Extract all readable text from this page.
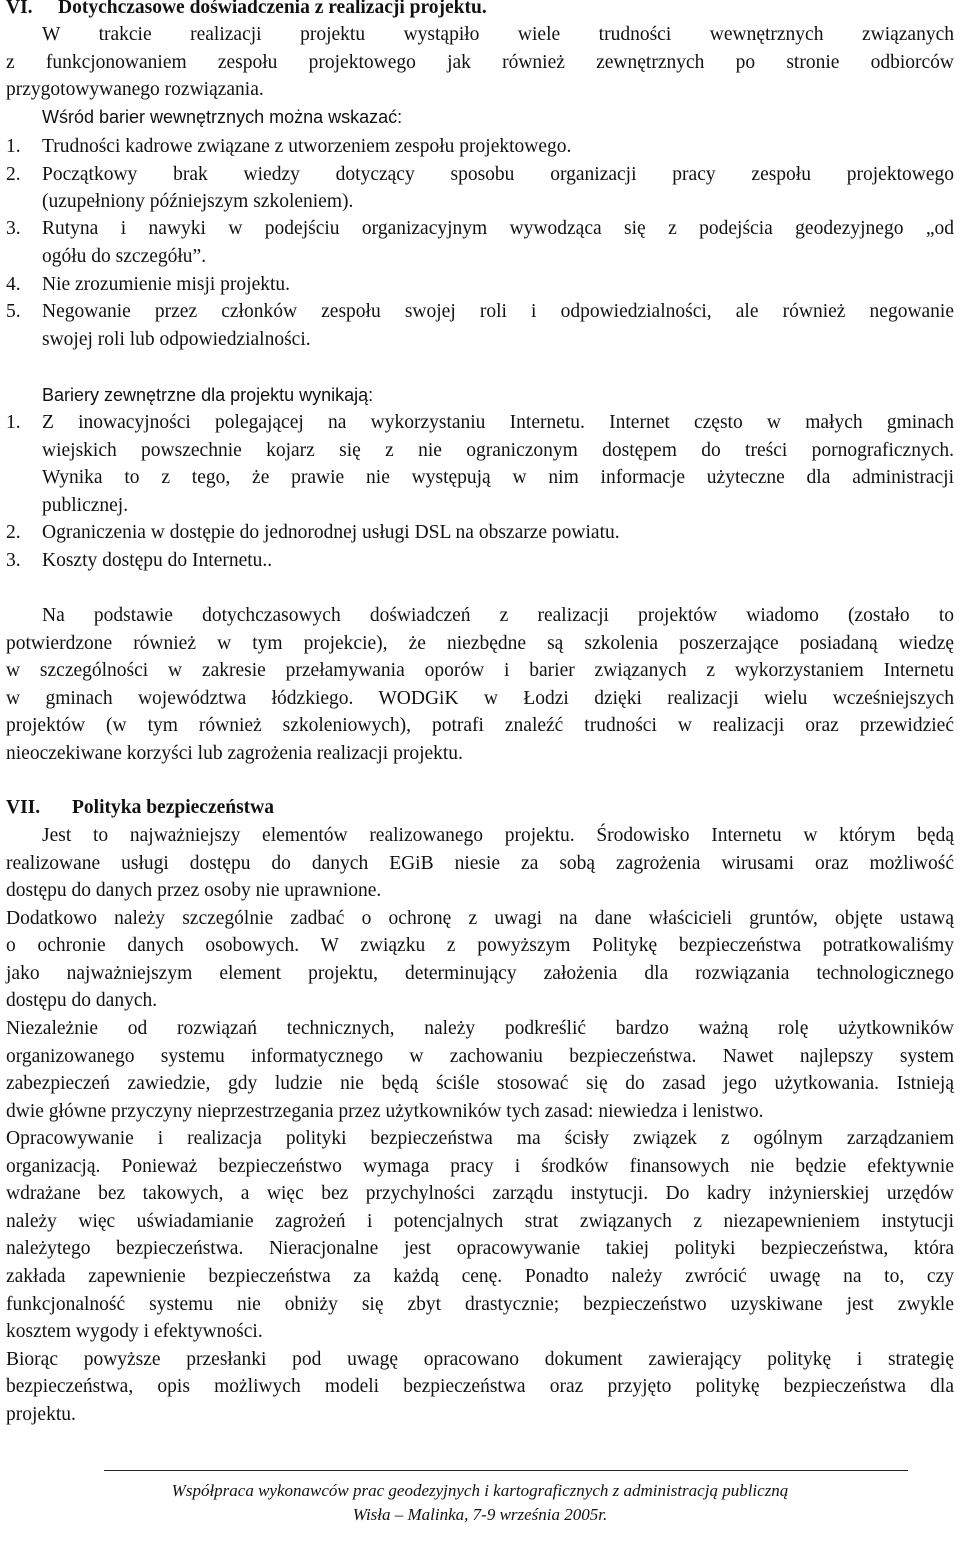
VI. Dotychczasowe doświadczenia z realizacji projektu.
W trakcie realizacji projektu wystąpiło wiele trudności wewnętrznych związanych
z funkcjonowaniem zespołu projektowego jak również zewnętrznych po stronie odbiorców
przygotowywanego rozwiązania.
Wśród barier wewnętrznych można wskazać:
1. Trudności kadrowe związane z utworzeniem zespołu projektowego.
2. Początkowy brak wiedzy dotyczący sposobu organizacji pracy zespołu projektowego
(uzupełniony późniejszym szkoleniem).
3. Rutyna i nawyki w podejściu organizacyjnym wywodząca się z podejścia geodezyjnego „od
ogółu do szczegółu”.
4. Nie zrozumienie misji projektu.
5. Negowanie przez członków zespołu swojej roli i odpowiedzialności, ale również negowanie
swojej roli lub odpowiedzialności.
Bariery zewnętrzne dla projektu wynikają:
1. Z inowacyjności polegającej na wykorzystaniu Internetu. Internet często w małych gminach
wiejskich powszechnie kojarz się z nie ograniczonym dostępem do treści pornograficznych.
Wynika to z tego, że prawie nie występują w nim informacje użyteczne dla administracji
publicznej.
2. Ograniczenia w dostępie do jednorodnej usługi DSL na obszarze powiatu.
3. Koszty dostępu do Internetu..
Na podstawie dotychczasowych doświadczeń z realizacji projektów wiadomo (zostało to
potwierdzone również w tym projekcie), że niezbędne są szkolenia poszerzające posiadaną wiedzę
w szczególności w zakresie przełamywania oporów i barier związanych z wykorzystaniem Internetu
w gminach województwa łódzkiego. WODGiK w Łodzi dzięki realizacji wielu wcześniejszych
projektów (w tym również szkoleniowych), potrafi znaleźć trudności w realizacji oraz przewidzieć
nieoczekiwane korzyści lub zagrożenia realizacji projektu.
VII. Polityka bezpieczeństwa
Jest to najważniejszy elementów realizowanego projektu. Środowisko Internetu w którym będą
realizowane usługi dostępu do danych EGiB niesie za sobą zagrożenia wirusami oraz możliwość
dostępu do danych przez osoby nie uprawnione.
Dodatkowo należy szczególnie zadbać o ochronę z uwagi na dane właścicieli gruntów, objęte ustawą
o ochronie danych osobowych. W związku z powyższym Politykę bezpieczeństwa potratkowaliśmy
jako najważniejszym element projektu, determinujący założenia dla rozwiązania technologicznego
dostępu do danych.
Niezależnie od rozwiązań technicznych, należy podkreślić bardzo ważną rolę użytkowników
organizowanego systemu informatycznego w zachowaniu bezpieczeństwa. Nawet najlepszy system
zabezpieczeń zawiedzie, gdy ludzie nie będą ściśle stosować się do zasad jego użytkowania. Istnieją
dwie główne przyczyny nieprzestrzegania przez użytkowników tych zasad: niewiedza i lenistwo.
Opracowywanie i realizacja polityki bezpieczeństwa ma ścisły związek z ogólnym zarządzaniem
organizacją. Ponieważ bezpieczeństwo wymaga pracy i środków finansowych nie będzie efektywnie
wdrażane bez takowych, a więc bez przychylności zarządu instytucji. Do kadry inżynierskiej urzędów
należy więc uświadamianie zagrożeń i potencjalnych strat związanych z niezapewnieniem instytucji
należytego bezpieczeństwa. Nieracjonalne jest opracowywanie takiej polityki bezpieczeństwa, która
zakłada zapewnienie bezpieczeństwa za każdą cenę. Ponadto należy zwrócić uwagę na to, czy
funkcjonalność systemu nie obniży się zbyt drastycznie; bezpieczeństwo uzyskiwane jest zwykle
kosztem wygody i efektywności.
Biorąc powyższe przesłanki pod uwagę opracowano dokument zawierający politykę i strategię
bezpieczeństwa, opis możliwych modeli bezpieczeństwa oraz przyjęto politykę bezpieczeństwa dla
projektu.
Współpraca wykonawców prac geodezyjnych i kartograficznych z administracją publiczną
Wisła – Malinka, 7-9 września 2005r.
